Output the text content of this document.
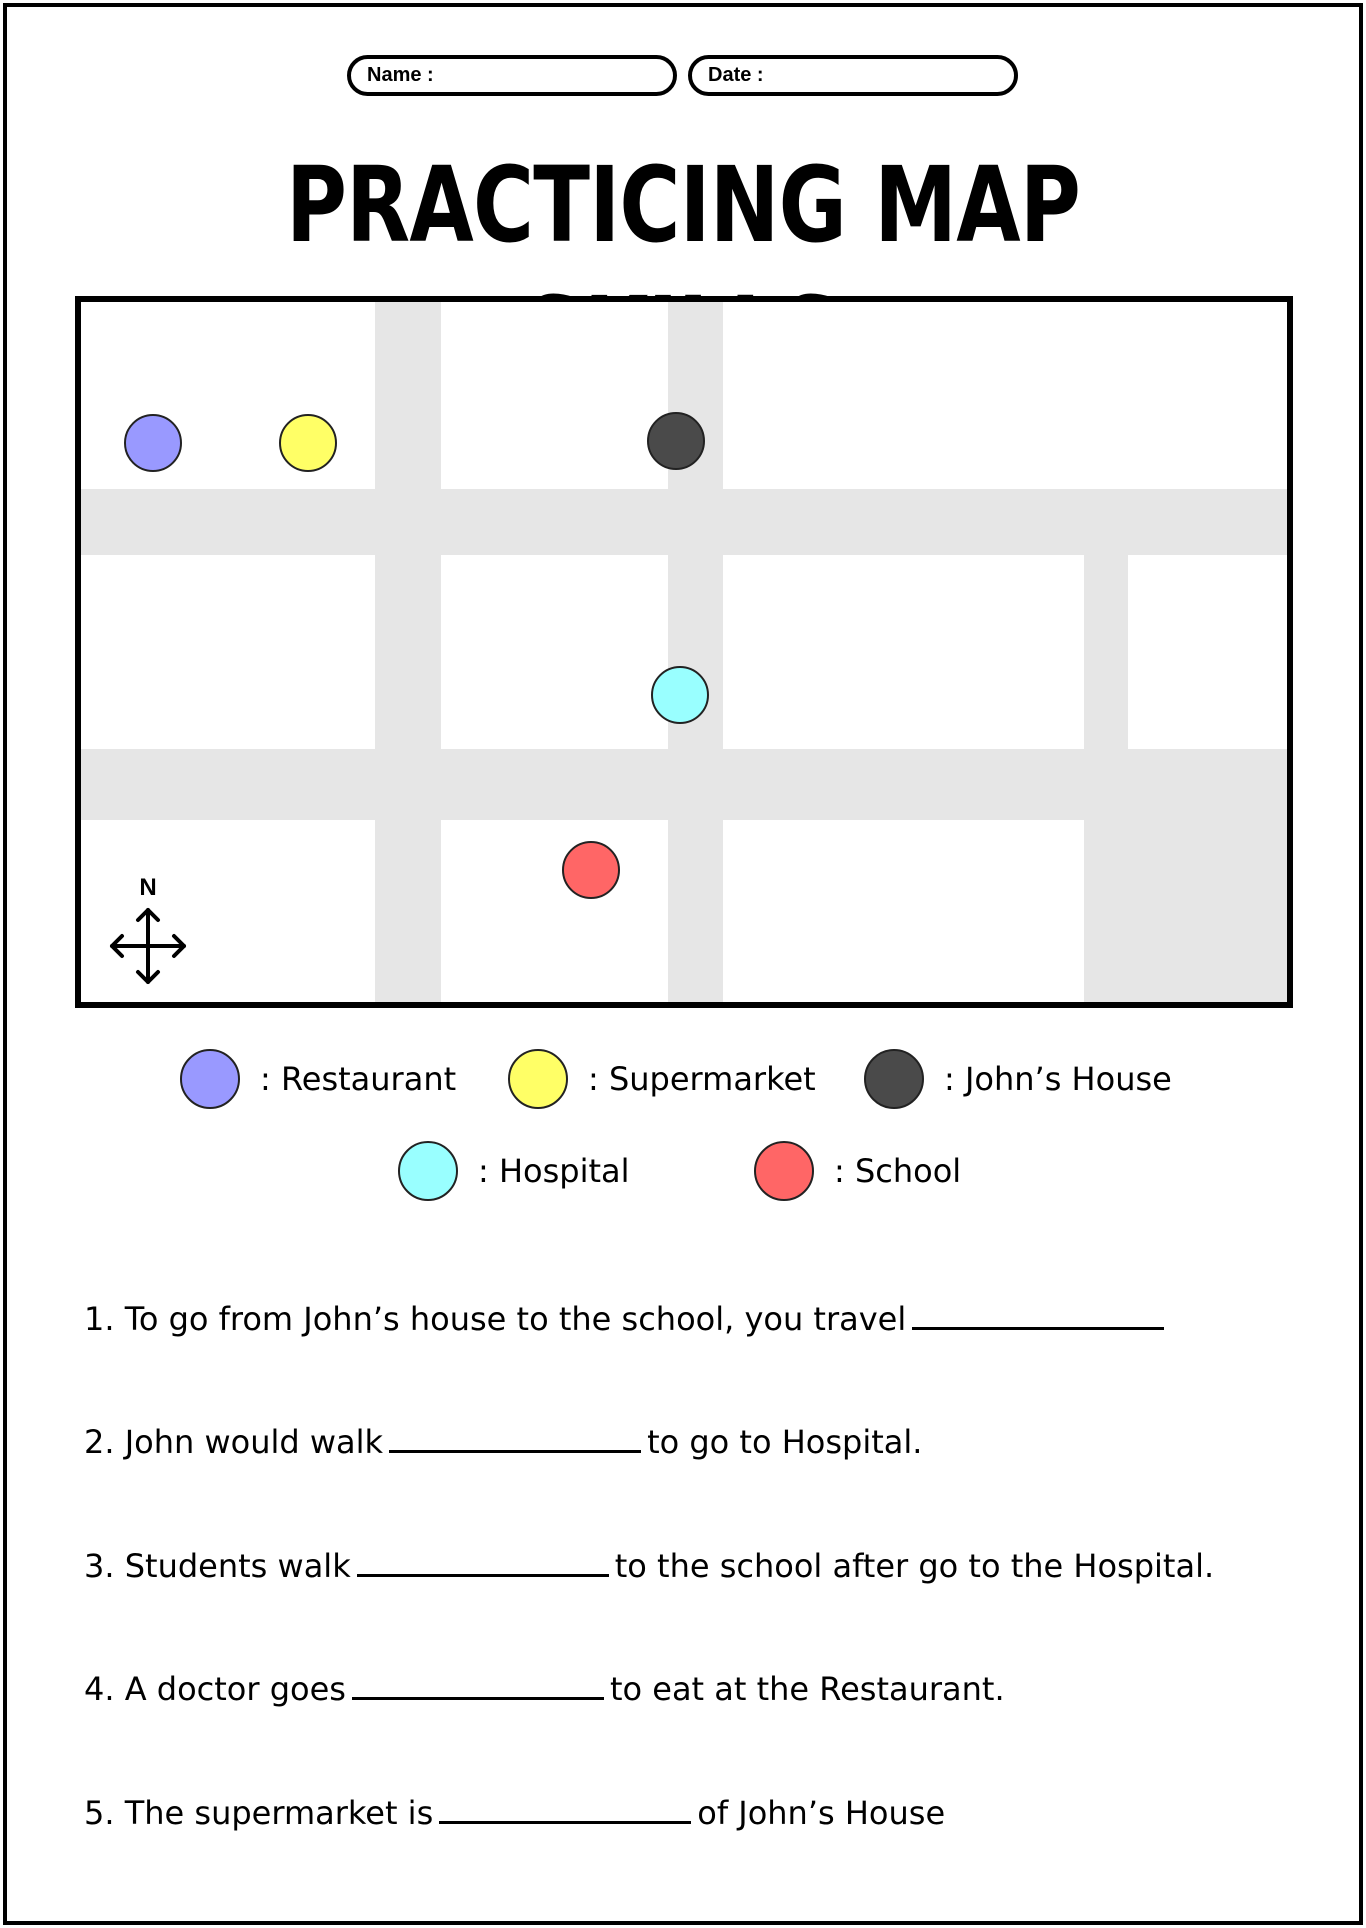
Name :	Date :
PRACTICING MAP
N
: Restaurant	: Supermarket	: John’s House
: Hospital	: School
1. To go from John’s house to the school, you travel
2. John would walk	to go to Hospital.
3. Students walk	to the school after go to the Hospital.
4. A doctor goes	to eat at the Restaurant.
5. The supermarket is	of John’s House
